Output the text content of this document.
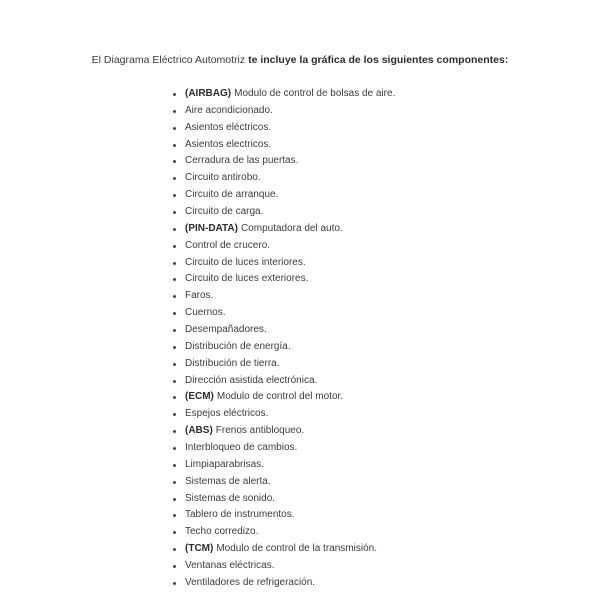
El Diagrama Eléctrico Automotriz te incluye la gráfica de los siguientes componentes:

(AIRBAG) Modulo de control de bolsas de aire.
Aire acondicionado.
Asientos eléctricos.
Asientos electricos.
Cerradura de las puertas.
Circuito antirobo.
Circuito de arranque.
Circuito de carga.
(PIN-DATA) Computadora del auto.
Control de crucero.
Circuito de luces interiores.
Circuito de luces exteriores.
Faros.
Cuernos.
Desempañadores.
Distribución de energía.
Distribución de tierra.
Dirección asistida electrónica.
(ECM) Modulo de control del motor.
Espejos eléctricos.
(ABS) Frenos antibloqueo.
Interbloqueo de cambios.
Limpiaparabrisas.
Sistemas de alerta.
Sistemas de sonido.
Tablero de instrumentos.
Techo corredizo.
(TCM) Modulo de control de la transmisión.
Ventanas eléctricas.
Ventiladores de refrigeración.
